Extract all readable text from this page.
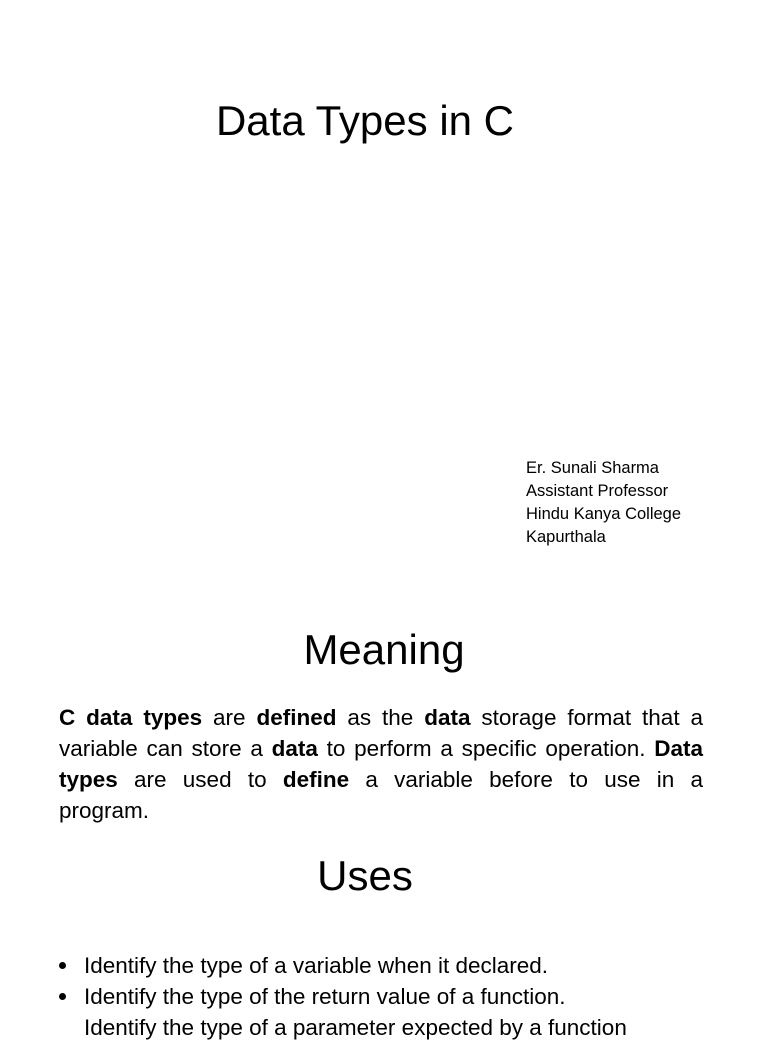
Data Types in C
Er. Sunali Sharma
Assistant Professor
Hindu Kanya College
Kapurthala
Meaning
C data types are defined as the data storage format that a
variable can store a data to perform a specific operation. Data
types are used to define a variable before to use in a
program.
Uses
Identify the type of a variable when it declared.
Identify the type of the return value of a function.
Identify the type of a parameter expected by a function
